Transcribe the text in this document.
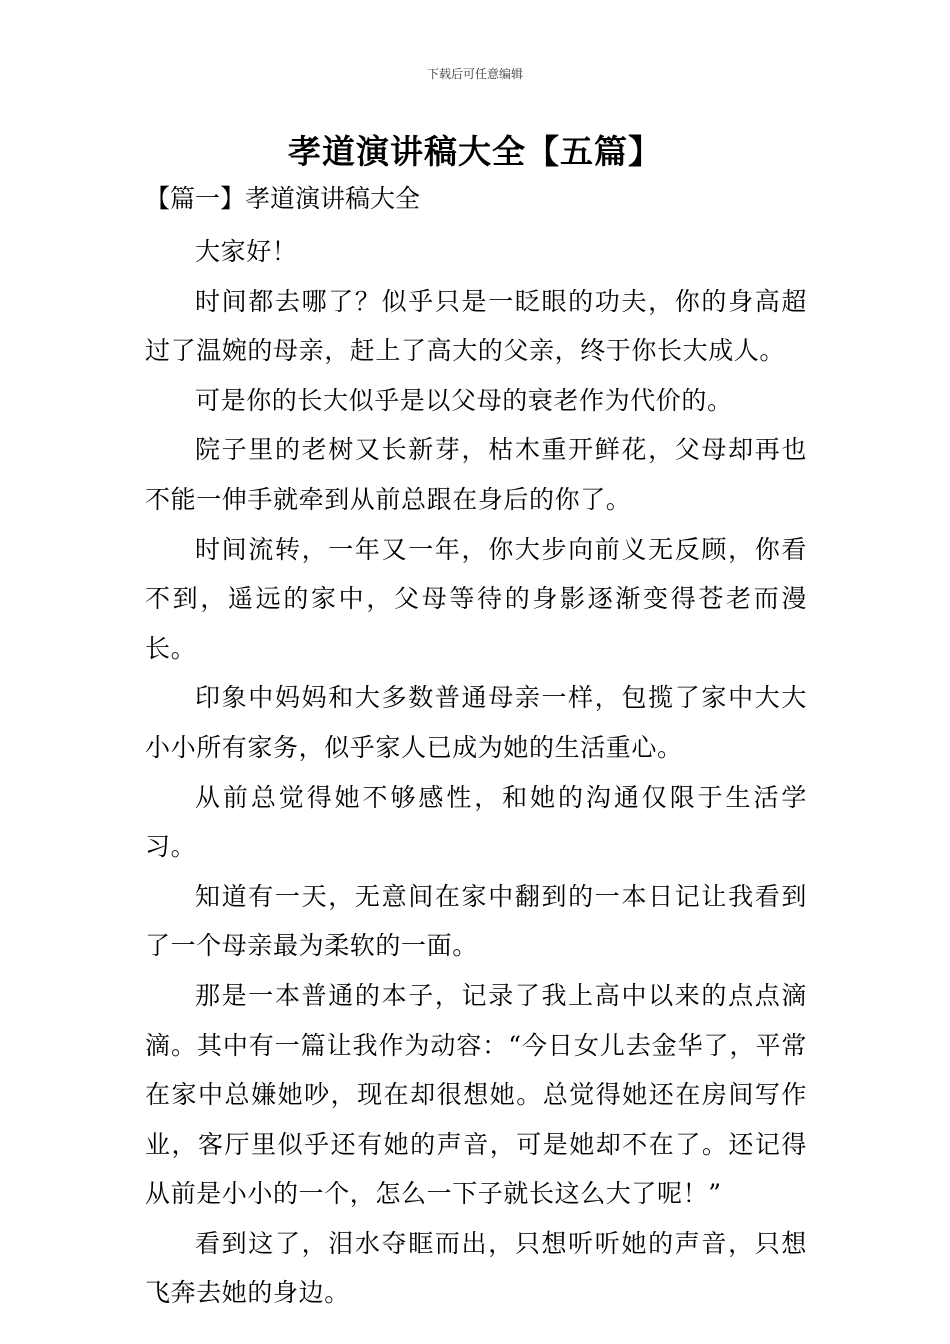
下载后可任意编辑
孝道演讲稿大全【五篇】
【篇一】孝道演讲稿大全

大家好！

时间都去哪了？似乎只是一眨眼的功夫，你的身高超过了温婉的母亲，赶上了高大的父亲，终于你长大成人。

可是你的长大似乎是以父母的衰老作为代价的。

院子里的老树又长新芽，枯木重开鲜花，父母却再也不能一伸手就牵到从前总跟在身后的你了。

时间流转，一年又一年，你大步向前义无反顾，你看不到，遥远的家中，父母等待的身影逐渐变得苍老而漫长。

印象中妈妈和大多数普通母亲一样，包揽了家中大大小小所有家务，似乎家人已成为她的生活重心。

从前总觉得她不够感性，和她的沟通仅限于生活学习。

知道有一天，无意间在家中翻到的一本日记让我看到了一个母亲最为柔软的一面。

那是一本普通的本子，记录了我上高中以来的点点滴滴。其中有一篇让我作为动容：“今日女儿去金华了，平常在家中总嫌她吵，现在却很想她。总觉得她还在房间写作业，客厅里似乎还有她的声音，可是她却不在了。还记得从前是小小的一个，怎么一下子就长这么大了呢！”

看到这了，泪水夺眶而出，只想听听她的声音，只想飞奔去她的身边。
